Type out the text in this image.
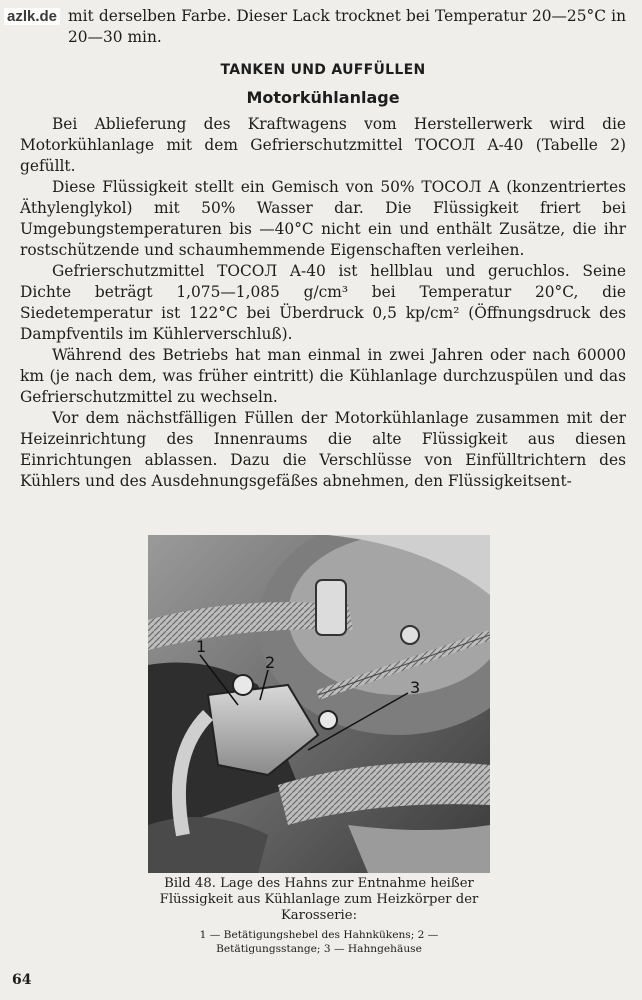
mit derselben Farbe. Dieser Lack trocknet bei Temperatur 20—25°C in 20—30 min.

TANKEN UND AUFFÜLLEN
Motorkühlanlage

Bei Ablieferung des Kraftwagens vom Herstellerwerk wird die Motorkühlanlage mit dem Gefrierschutzmittel ТОСОЛ A-40 (Tabelle 2) gefüllt.

Diese Flüssigkeit stellt ein Gemisch von 50% ТОСОЛ A (konzentriertes Äthylenglykol) mit 50% Wasser dar. Die Flüssigkeit friert bei Umgebungstemperaturen bis —40°C nicht ein und enthält Zusätze, die ihr rostschützende und schaumhemmende Eigenschaften verleihen.

Gefrierschutzmittel ТОСОЛ A-40 ist hellblau und geruchlos. Seine Dichte beträgt 1,075—1,085 g/cm³ bei Temperatur 20°C, die Siedetemperatur ist 122°C bei Überdruck 0,5 kp/cm² (Öffnungsdruck des Dampfventils im Kühlerverschluß).

Während des Betriebs hat man einmal in zwei Jahren oder nach 60000 km (je nach dem, was früher eintritt) die Kühlanlage durchzuspülen und das Gefrierschutzmittel zu wechseln.

Vor dem nächstfälligen Füllen der Motorkühlanlage zusammen mit der Heizeinrichtung des Innenraums die alte Flüssigkeit aus diesen Einrichtungen ablassen. Dazu die Verschlüsse von Einfülltrichtern des Kühlers und des Ausdehnungsgefäßes abnehmen, den Flüssigkeitsent-

azlk.de
1
2
3
Bild 48. Lage des Hahns zur Entnahme heißer Flüssigkeit aus Kühlanlage zum Heizkörper der Karosserie:
1 — Betätigungshebel des Hahnkükens; 2 — Betätigungsstange; 3 — Hahngehäuse
64
